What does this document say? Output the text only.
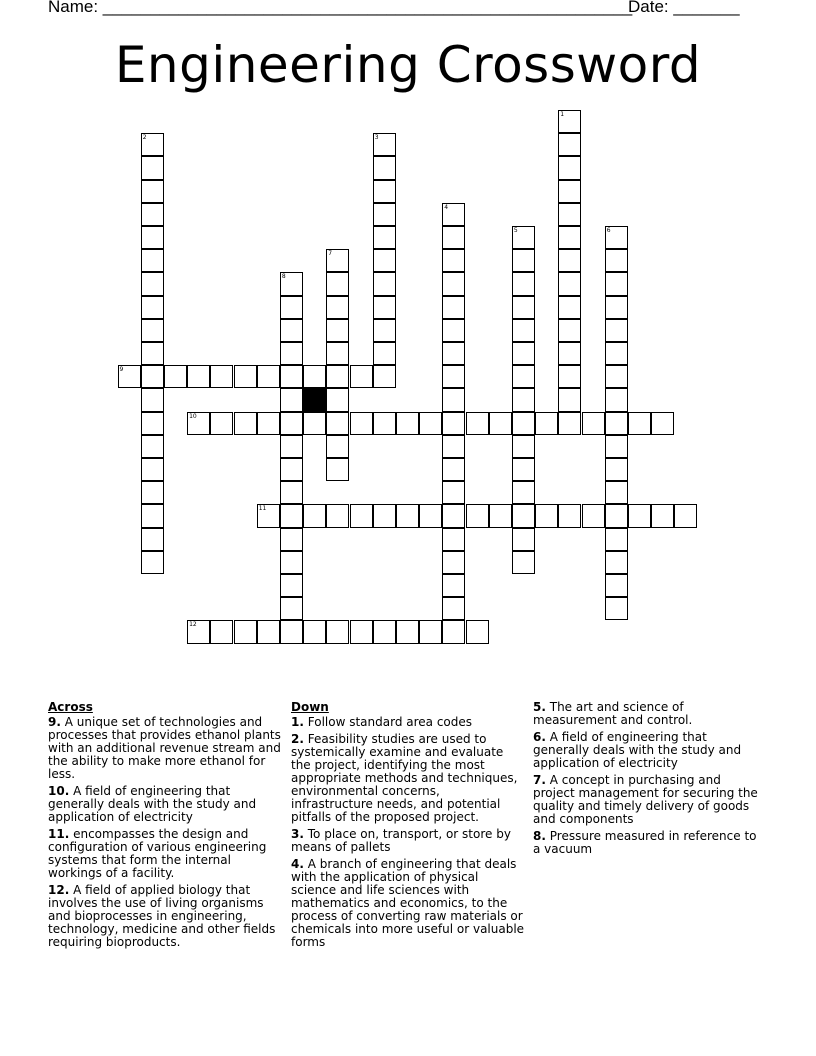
Name: ________________________________________________________
Date: _______
Engineering Crossword
1
2	3
4
5	6
7
8
9
10
11
12
Across
9. A unique set of technologies and processes that provides ethanol plants with an additional revenue stream and the ability to make more ethanol for less.
10. A field of engineering that generally deals with the study and application of electricity
11. encompasses the design and configuration of various engineering systems that form the internal workings of a facility.
12. A field of applied biology that involves the use of living organisms and bioprocesses in engineering, technology, medicine and other fields requiring bioproducts.
Down
1. Follow standard area codes
2. Feasibility studies are used to systemically examine and evaluate the project, identifying the most appropriate methods and techniques, environmental concerns, infrastructure needs, and potential pitfalls of the proposed project.
3. To place on, transport, or store by means of pallets
4. A branch of engineering that deals with the application of physical science and life sciences with mathematics and economics, to the process of converting raw materials or chemicals into more useful or valuable forms
5. The art and science of measurement and control.
6. A field of engineering that generally deals with the study and application of electricity
7. A concept in purchasing and project management for securing the quality and timely delivery of goods and components
8. Pressure measured in reference to a vacuum
